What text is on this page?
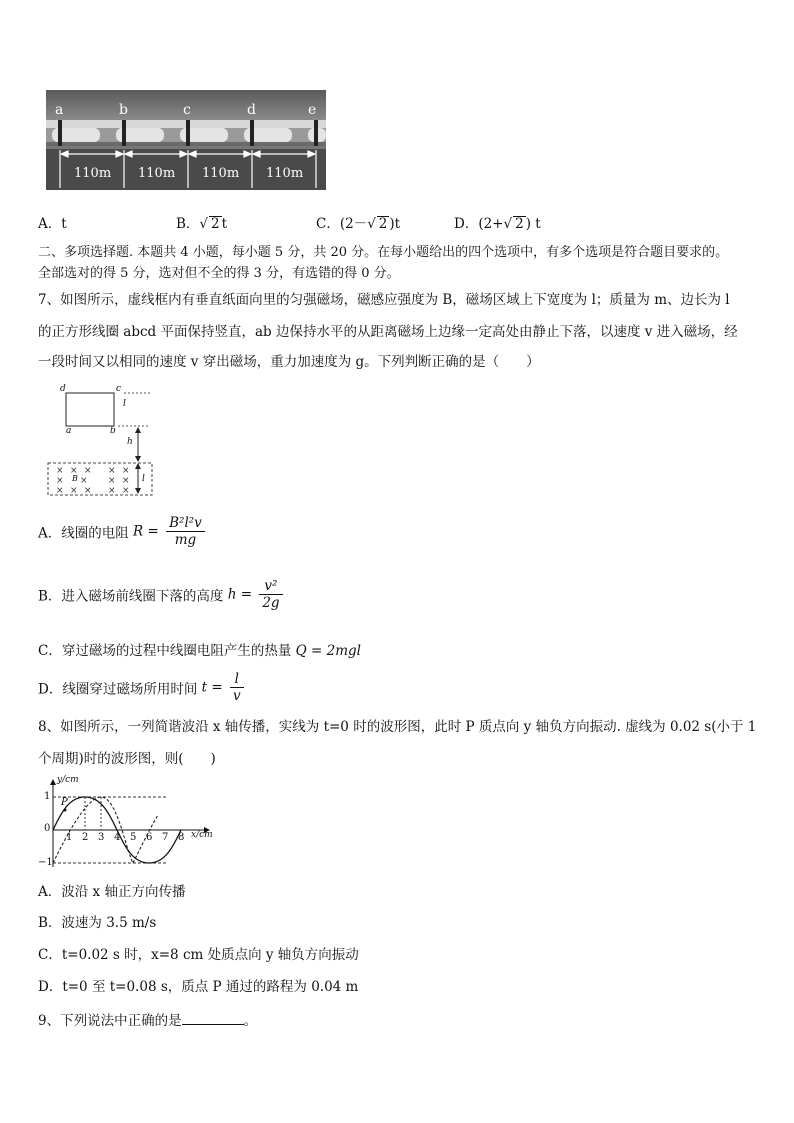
a	b	c	d	e
110m 110m 110m 110m
A．t	B．√ 2 t	C．(2－√ 2 )t	D．(2+√ 2 ) t
二、多项选择题. 本题共 4 小题，每小题 5 分，共 20 分。在每小题给出的四个选项中，有多个选项是符合题目要求的。
全部选对的得 5 分，选对但不全的得 3 分，有选错的得 0 分。
7、如图所示，虚线框内有垂直纸面向里的匀强磁场，磁感应强度为 B，磁场区域上下宽度为 l；质量为 m、边长为 l
的正方形线圈 abcd 平面保持竖直，ab 边保持水平的从距离磁场上边缘一定高处由静止下落，以速度 v 进入磁场，经
一段时间又以相同的速度 v 穿出磁场，重力加速度为 g。下列判断正确的是（　　）
× × × × ×
× × × ×
× × × × ×
d	c
a	b
l
h
B	l
A．线圈的电阻 $R = \frac{\text{B²l²v}}{mg}$
B．进入磁场前线圈下落的高度 $h = \frac{\text{v²}}{2g}$
C．穿过磁场的过程中线圈电阻产生的热量 Q = 2mgl
D．线圈穿过磁场所用时间 $t = \frac{l}{v}$
8、如图所示，一列简谐波沿 x 轴传播，实线为 t=0 时的波形图，此时 P 质点向 y 轴负方向振动. 虚线为 0.02 s(小于 1
个周期)时的波形图，则(　　)
y/cm
x/cm
1
0
−1
P
1 2 3 4 5 6 7 8
A．波沿 x 轴正方向传播
B．波速为 3.5 m/s
C．t=0.02 s 时，x=8 cm 处质点向 y 轴负方向振动
D．t=0 至 t=0.08 s，质点 P 通过的路程为 0.04 m
9、下列说法中正确的是	。
